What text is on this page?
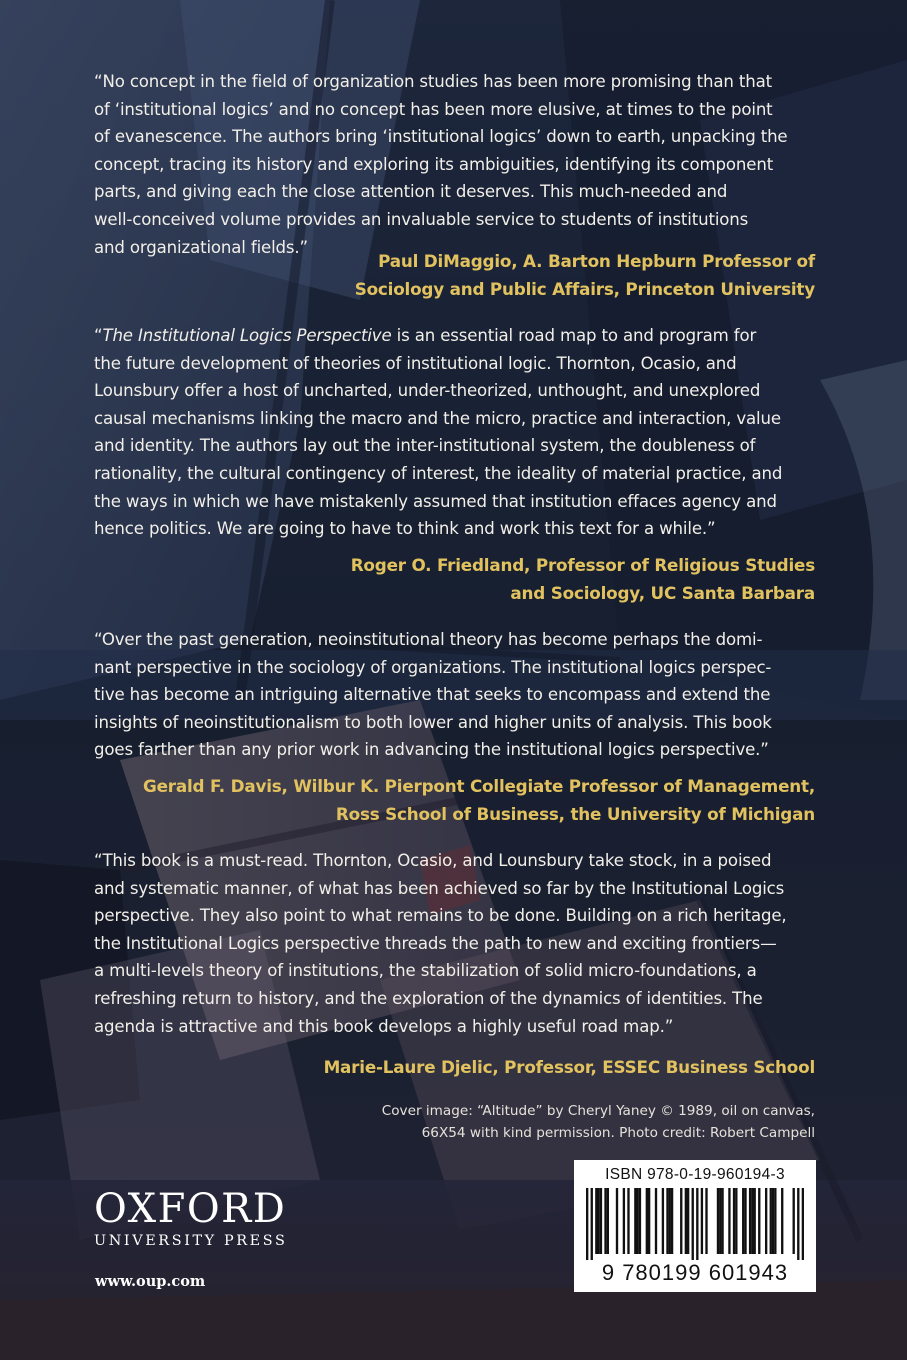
“No concept in the field of organization studies has been more promising than that
of ‘institutional logics’ and no concept has been more elusive, at times to the point
of evanescence. The authors bring ‘institutional logics’ down to earth, unpacking the
concept, tracing its history and exploring its ambiguities, identifying its component
parts, and giving each the close attention it deserves. This much-needed and
well-conceived volume provides an invaluable service to students of institutions
and organizational fields.”
Paul DiMaggio, A. Barton Hepburn Professor of
Sociology and Public Affairs, Princeton University
“The Institutional Logics Perspective is an essential road map to and program for
the future development of theories of institutional logic. Thornton, Ocasio, and
Lounsbury offer a host of uncharted, under-theorized, unthought, and unexplored
causal mechanisms linking the macro and the micro, practice and interaction, value
and identity. The authors lay out the inter-institutional system, the doubleness of
rationality, the cultural contingency of interest, the ideality of material practice, and
the ways in which we have mistakenly assumed that institution effaces agency and
hence politics. We are going to have to think and work this text for a while.”
Roger O. Friedland, Professor of Religious Studies
and Sociology, UC Santa Barbara
“Over the past generation, neoinstitutional theory has become perhaps the domi-
nant perspective in the sociology of organizations. The institutional logics perspec-
tive has become an intriguing alternative that seeks to encompass and extend the
insights of neoinstitutionalism to both lower and higher units of analysis. This book
goes farther than any prior work in advancing the institutional logics perspective.”
Gerald F. Davis, Wilbur K. Pierpont Collegiate Professor of Management,
Ross School of Business, the University of Michigan
“This book is a must-read. Thornton, Ocasio, and Lounsbury take stock, in a poised
and systematic manner, of what has been achieved so far by the Institutional Logics
perspective. They also point to what remains to be done. Building on a rich heritage,
the Institutional Logics perspective threads the path to new and exciting frontiers—
a multi-levels theory of institutions, the stabilization of solid micro-foundations, a
refreshing return to history, and the exploration of the dynamics of identities. The
agenda is attractive and this book develops a highly useful road map.”
Marie-Laure Djelic, Professor, ESSEC Business School
Cover image: “Altitude” by Cheryl Yaney © 1989, oil on canvas,
66X54 with kind permission. Photo credit: Robert Campell
OXFORD
UNIVERSITY PRESS
www.oup.com
ISBN 978-0-19-960194-3
9 780199 601943
